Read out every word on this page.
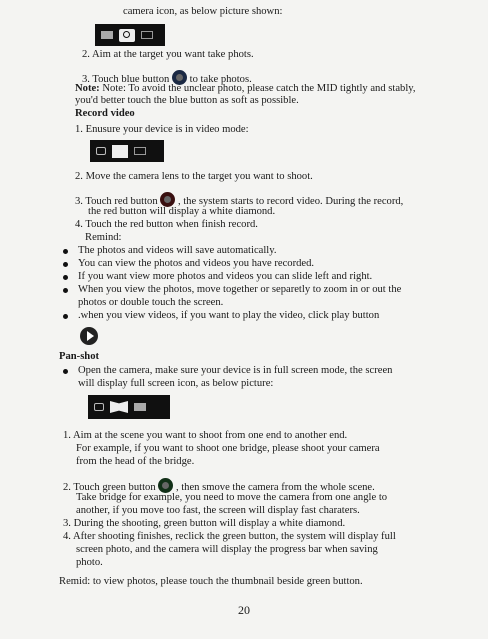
camera icon, as below picture shown:
2. Aim at the target you want take phots.
3. Touch blue button to take photos.
Note: Note: To avoid the unclear photo, please catch the MID tightly and stably,
you'd better touch the blue button as soft as possible.
Record video
1. Enusure your device is in video mode:
2. Move the camera lens to the target you want to shoot.
3. Touch red button , the system starts to record video. During the record,
the red button will display a white diamond.
4. Touch the red button when finish record.
Remind:
The photos and videos will save automatically.
You can view the photos and videos you have recorded.
If you want view more photos and videos you can slide left and right.
When you view the photos, move together or separetly to zoom in or out the
photos or double touch the screen.
.when you view videos, if you want to play the video, click play button
Pan-shot
Open the camera, make sure your device is in full screen mode, the screen
will display full screen icon, as below picture:
1. Aim at the scene you want to shoot from one end to another end.
For example, if you want to shoot one bridge, please shoot your camera
from the head of the bridge.
2. Touch green button , then smove the camera from the whole scene.
Take bridge for example, you need to move the camera from one angle to
another, if you move too fast, the screen will display fast charaters.
3. During the shooting, green button will display a white diamond.
4. After shooting finishes, reclick the green button, the system will display full
screen photo, and the camera will display the progress bar when saving
photo.
Remid: to view photos, please touch the thumbnail beside green button.
20
